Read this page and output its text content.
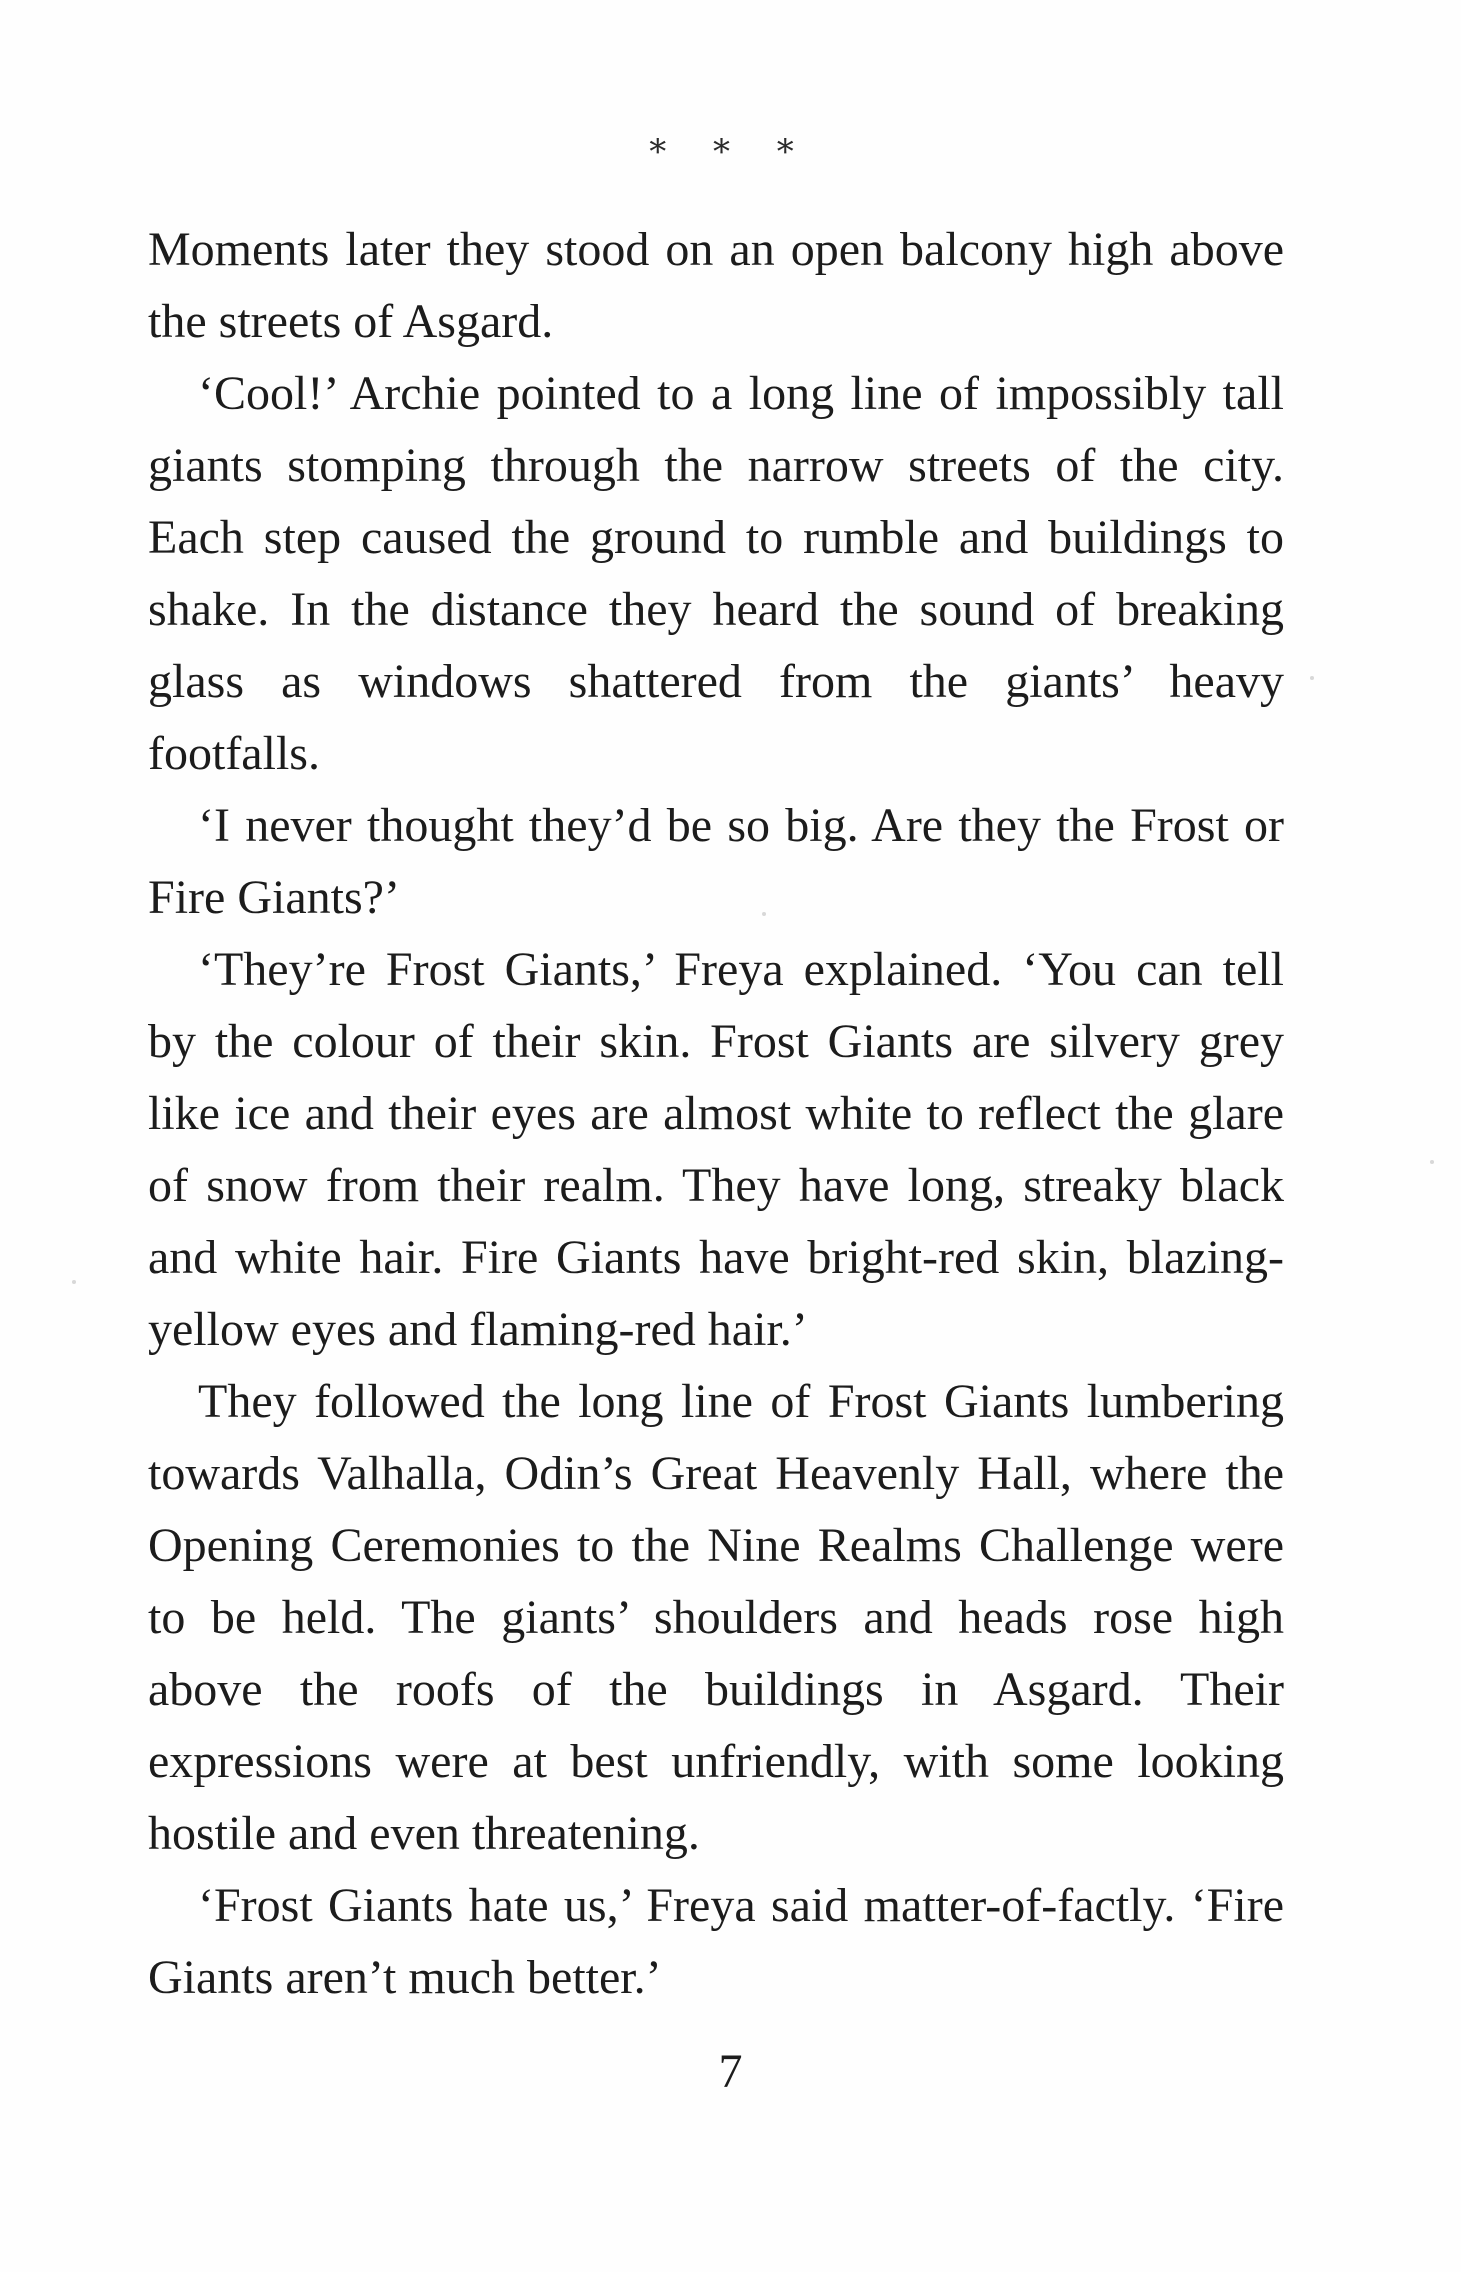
* * *

Moments later they stood on an open balcony high above the streets of Asgard.

‘Cool!’ Archie pointed to a long line of impossibly tall giants stomping through the narrow streets of the city. Each step caused the ground to rumble and buildings to shake. In the distance they heard the sound of breaking glass as windows shattered from the giants’ heavy footfalls.

‘I never thought they’d be so big. Are they the Frost or Fire Giants?’

‘They’re Frost Giants,’ Freya explained. ‘You can tell by the colour of their skin. Frost Giants are silvery grey like ice and their eyes are almost white to reflect the glare of snow from their realm. They have long, streaky black and white hair. Fire Giants have bright-red skin, blazing-yellow eyes and flaming-red hair.’

They followed the long line of Frost Giants lumbering towards Valhalla, Odin’s Great Heavenly Hall, where the Opening Ceremonies to the Nine Realms Challenge were to be held. The giants’ shoulders and heads rose high above the roofs of the buildings in Asgard. Their expressions were at best unfriendly, with some looking hostile and even threatening.

‘Frost Giants hate us,’ Freya said matter-of-factly. ‘Fire Giants aren’t much better.’

7
